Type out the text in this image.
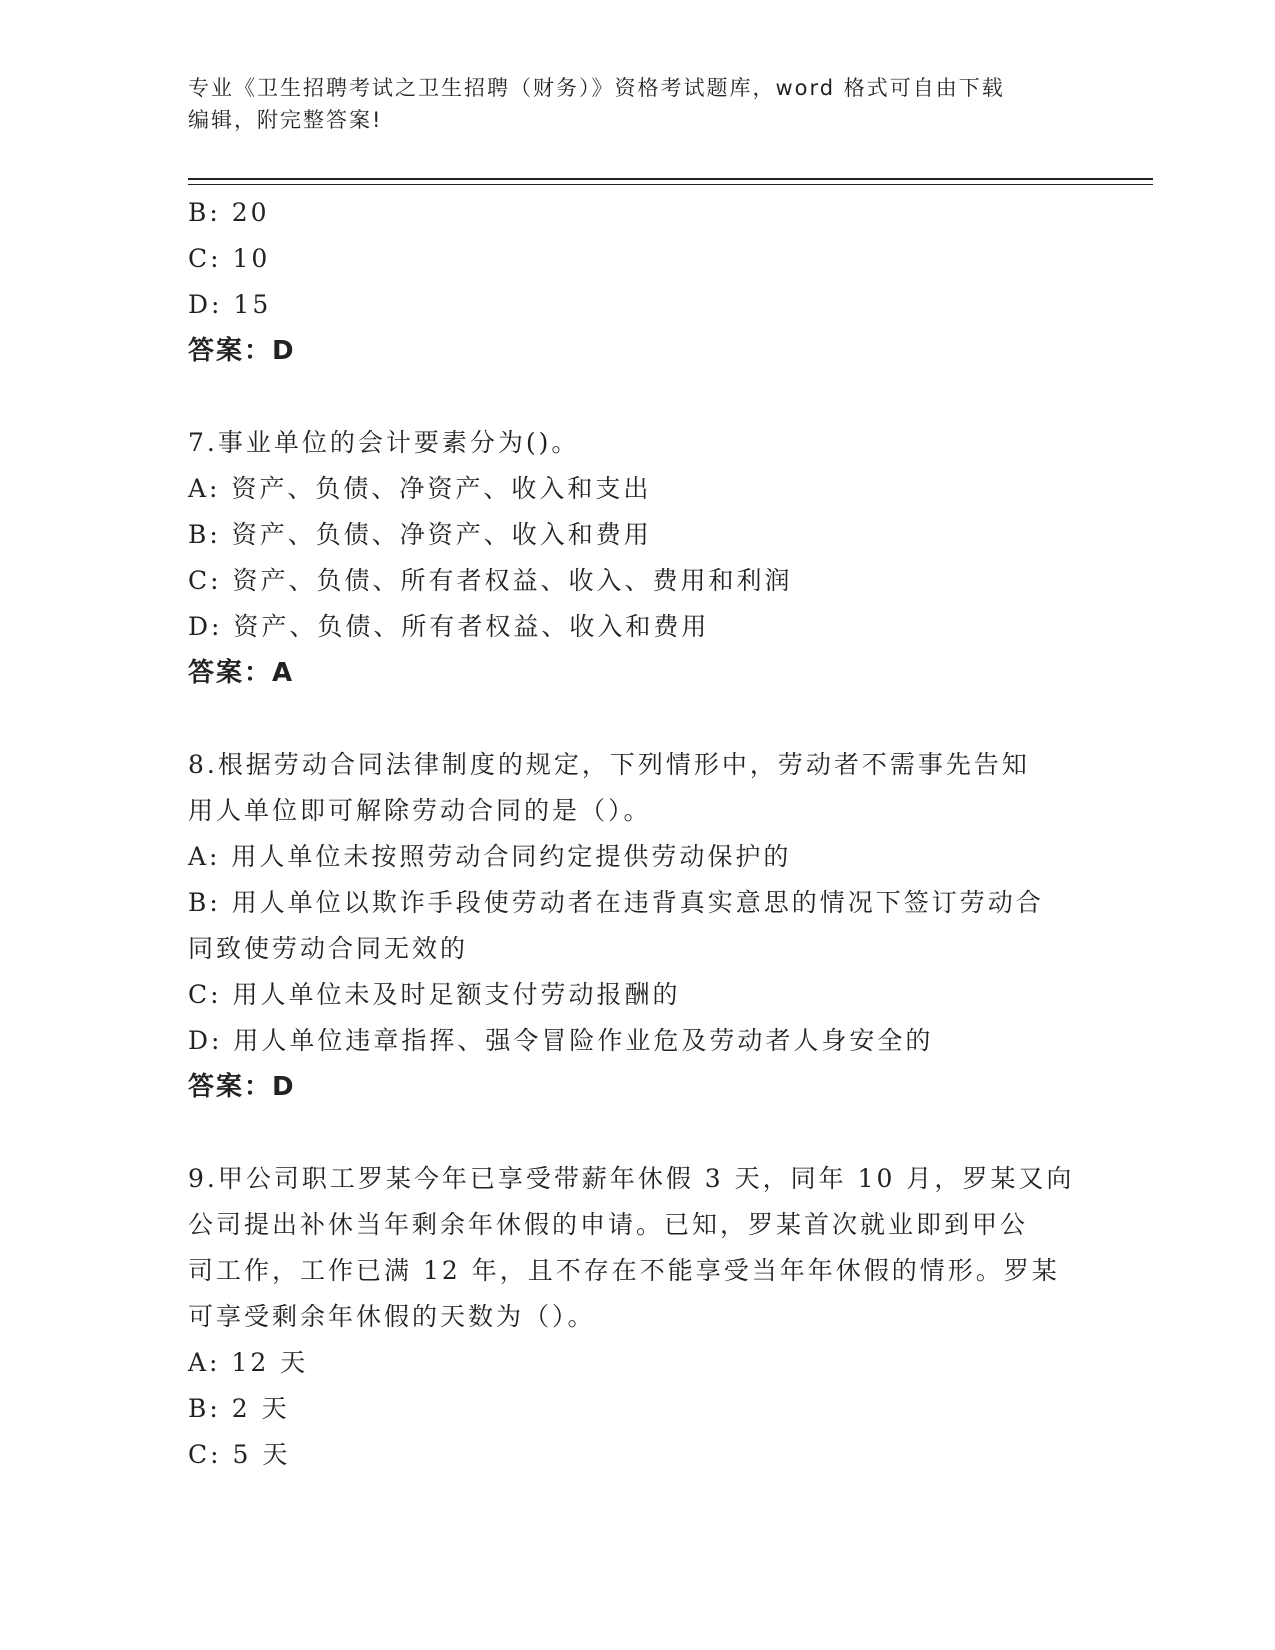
专业《卫生招聘考试之卫生招聘（财务）》资格考试题库，word 格式可自由下载
编辑，附完整答案!
B: 20
C: 10
D: 15
答案：D
7.事业单位的会计要素分为()。
A: 资产、负债、净资产、收入和支出
B: 资产、负债、净资产、收入和费用
C: 资产、负债、所有者权益、收入、费用和利润
D: 资产、负债、所有者权益、收入和费用
答案：A
8.根据劳动合同法律制度的规定，下列情形中，劳动者不需事先告知
用人单位即可解除劳动合同的是（）。
A: 用人单位未按照劳动合同约定提供劳动保护的
B: 用人单位以欺诈手段使劳动者在违背真实意思的情况下签订劳动合
同致使劳动合同无效的
C: 用人单位未及时足额支付劳动报酬的
D: 用人单位违章指挥、强令冒险作业危及劳动者人身安全的
答案：D
9.甲公司职工罗某今年已享受带薪年休假 3 天，同年 10 月，罗某又向
公司提出补休当年剩余年休假的申请。已知，罗某首次就业即到甲公
司工作，工作已满 12 年，且不存在不能享受当年年休假的情形。罗某
可享受剩余年休假的天数为（）。
A: 12 天
B: 2 天
C: 5 天
